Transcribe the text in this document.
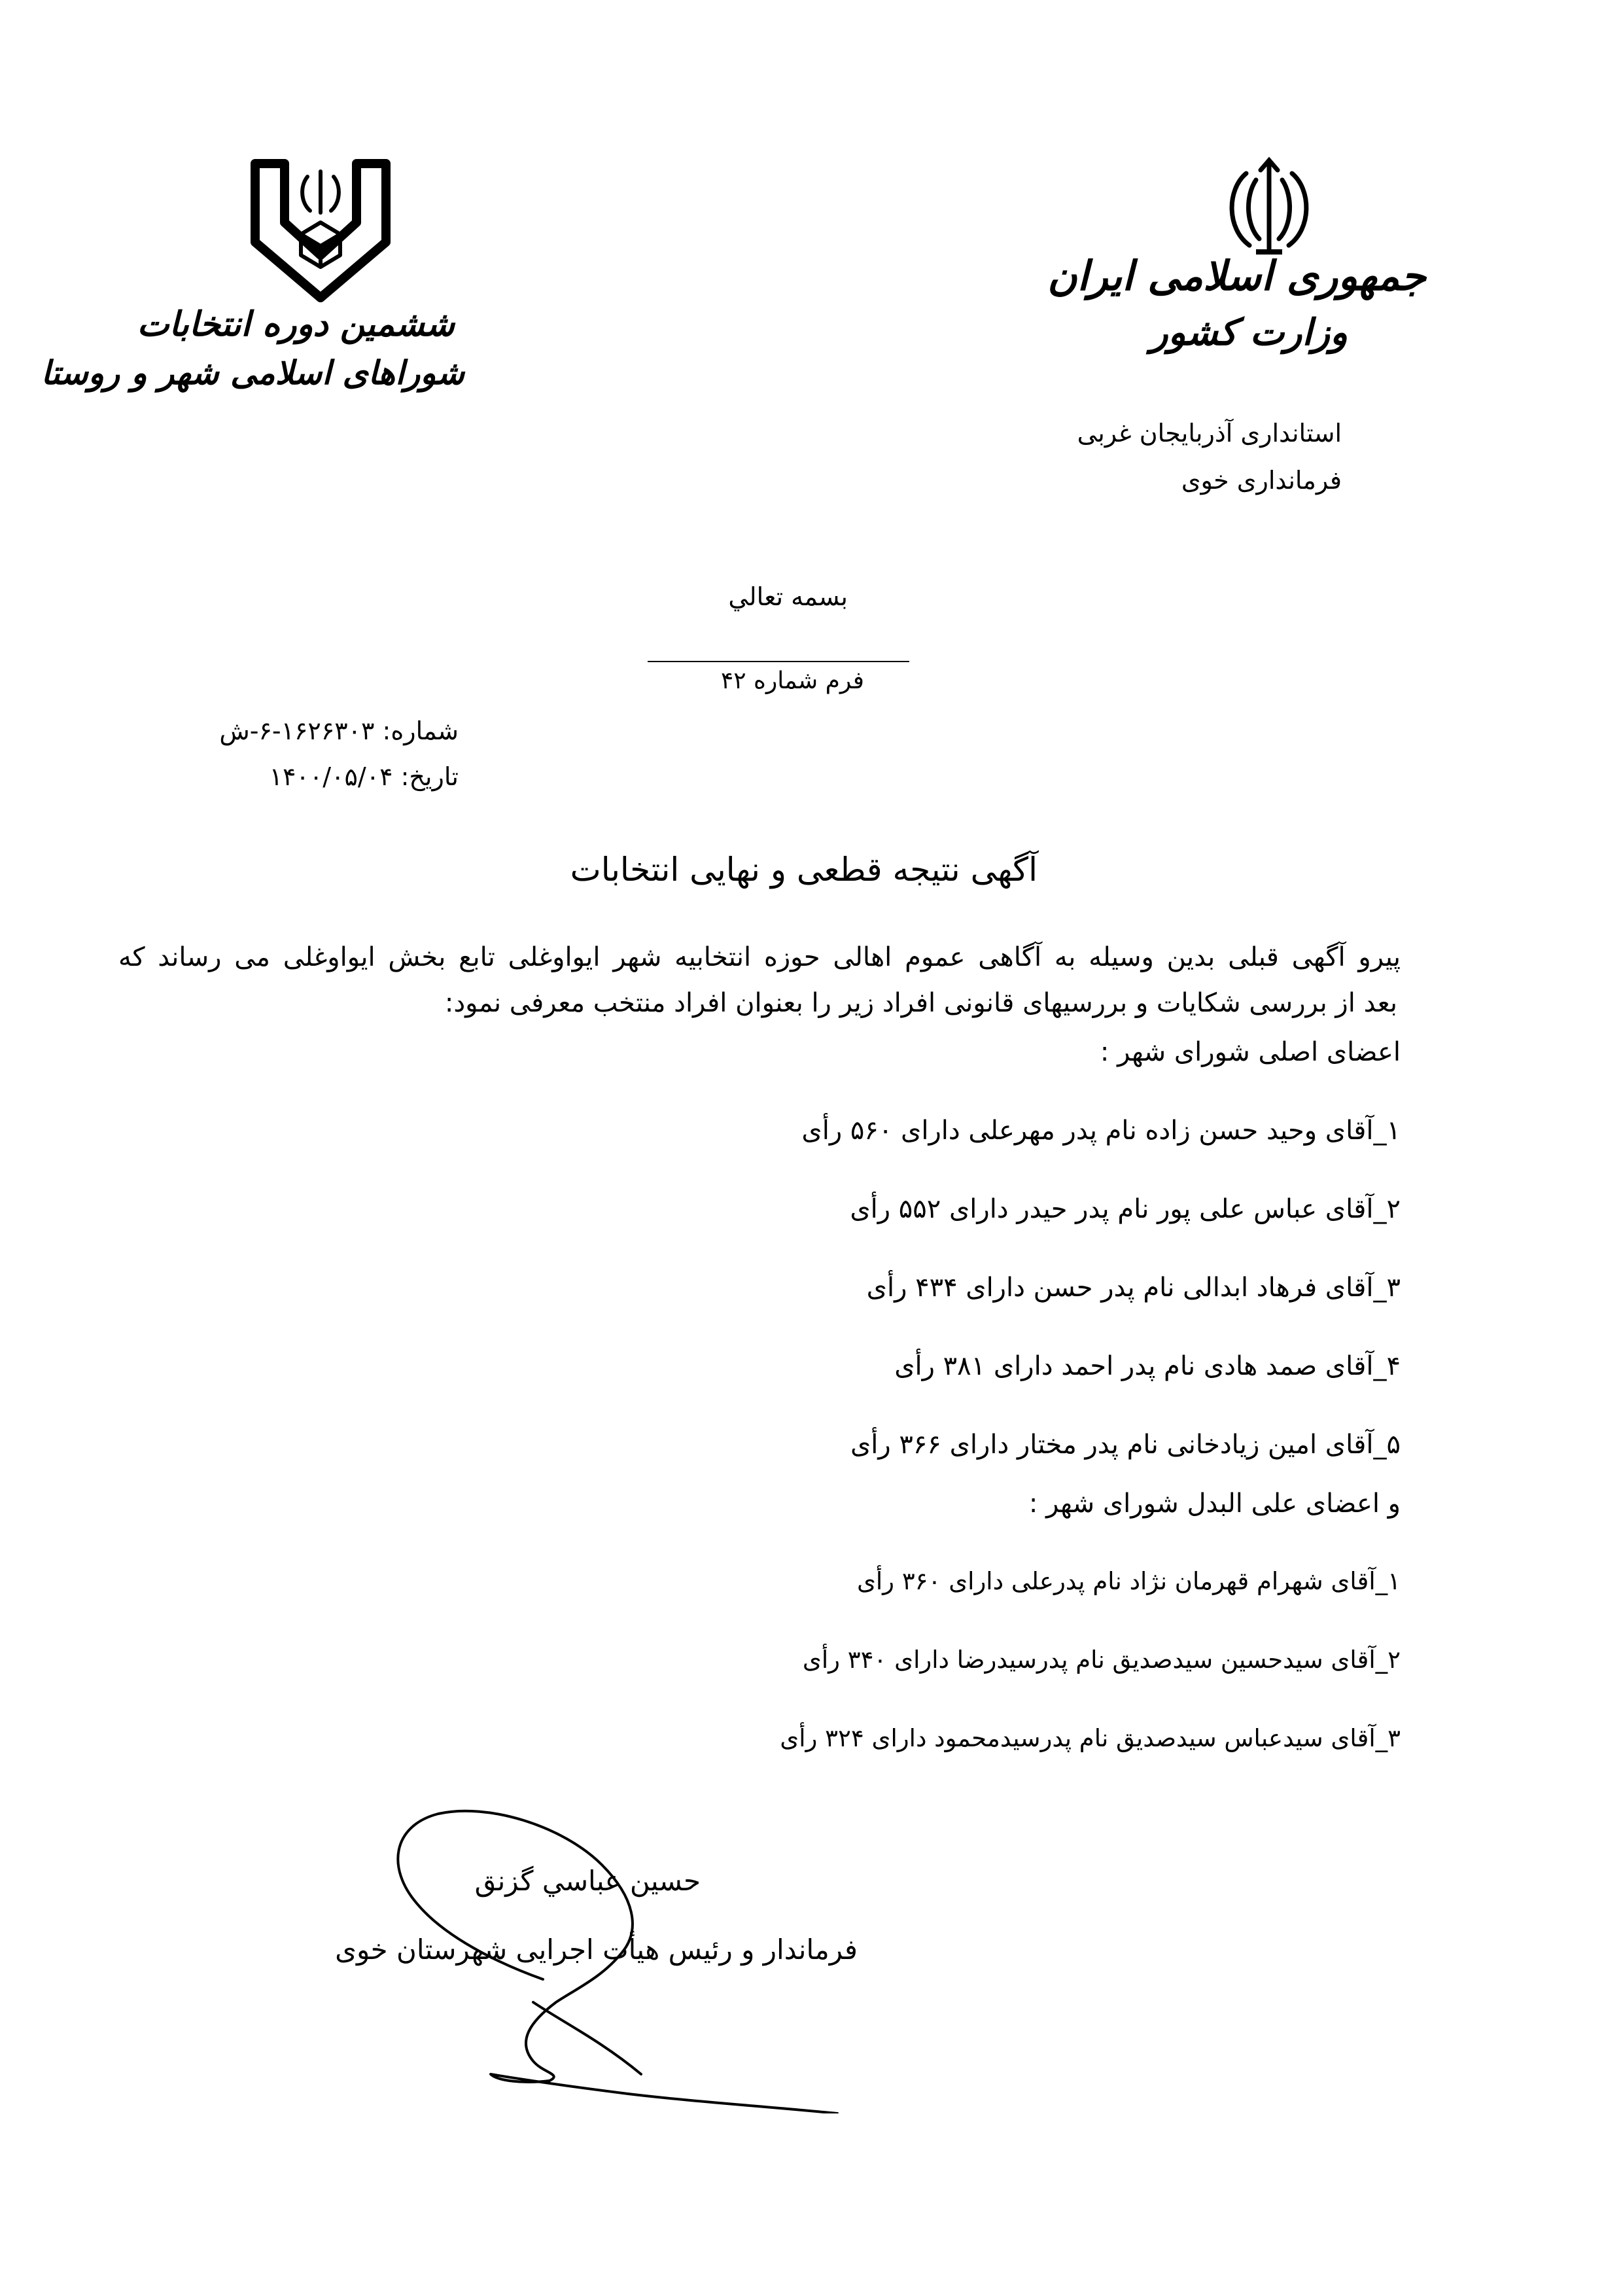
جمهوری اسلامی ایران
وزارت کشور
ششمین دوره انتخابات
شوراهای اسلامی شهر و روستا
استانداری آذربایجان غربی
فرمانداری خوی
بسمه تعالي
فرم شماره ۴۲
شماره: ۱۶۲۶۳۰۳-۶-ش
تاریخ: ۱۴۰۰/۰۵/۰۴
آگهی نتیجه قطعی و نهایی انتخابات
پیرو آگهی قبلی بدین وسیله به آگاهی عموم اهالی حوزه انتخابیه شهر ایواوغلی تابع بخش ایواوغلی می رساند که
بعد از بررسی شکایات و بررسیهای قانونی افراد زیر را بعنوان افراد منتخب معرفی نمود:
اعضای اصلی شورای شهر :
۱_آقای وحید حسن زاده نام پدر مهرعلی دارای ۵۶۰ رأی
۲_آقای عباس علی پور نام پدر حیدر دارای ۵۵۲ رأی
۳_آقای فرهاد ابدالی نام پدر حسن دارای ۴۳۴ رأی
۴_آقای صمد هادی نام پدر احمد دارای ۳۸۱ رأی
۵_آقای امین زیادخانی نام پدر مختار دارای ۳۶۶ رأی
و اعضای علی البدل شورای شهر :
۱_آقای شهرام قهرمان نژاد نام پدرعلی دارای ۳۶۰ رأی
۲_آقای سیدحسین سیدصدیق نام پدرسیدرضا دارای ۳۴۰ رأی
۳_آقای سیدعباس سیدصدیق نام پدرسیدمحمود دارای ۳۲۴ رأی
حسین عباسي گزنق
فرماندار و رئیس هیأت اجرایی شهرستان خوی
